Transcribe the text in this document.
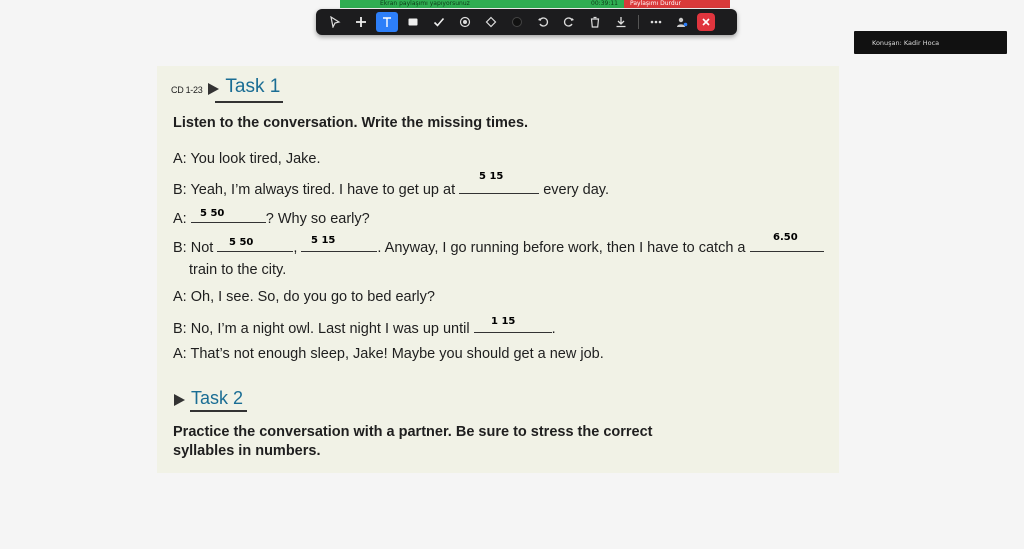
Ekran paylaşımı yapıyorsunuz	00:39:11	Paylaşımı Durdur
Konuşan: Kadir Hoca
CD 1-23 Task 1
Listen to the conversation. Write the missing times.
A: You look tired, Jake.
B: Yeah, I’m always tired. I have to get up at	every day.
5 15
A:	? Why so early?
5 50
B: Not	,	. Anyway, I go running before work, then I have to catch a
5 50	5 15	6.50
train to the city.
A: Oh, I see. So, do you go to bed early?
B: No, I’m a night owl. Last night I was up until	.
1 15
A: That’s not enough sleep, Jake! Maybe you should get a new job.
Task 2
Practice the conversation with a partner. Be sure to stress the correct
syllables in numbers.
